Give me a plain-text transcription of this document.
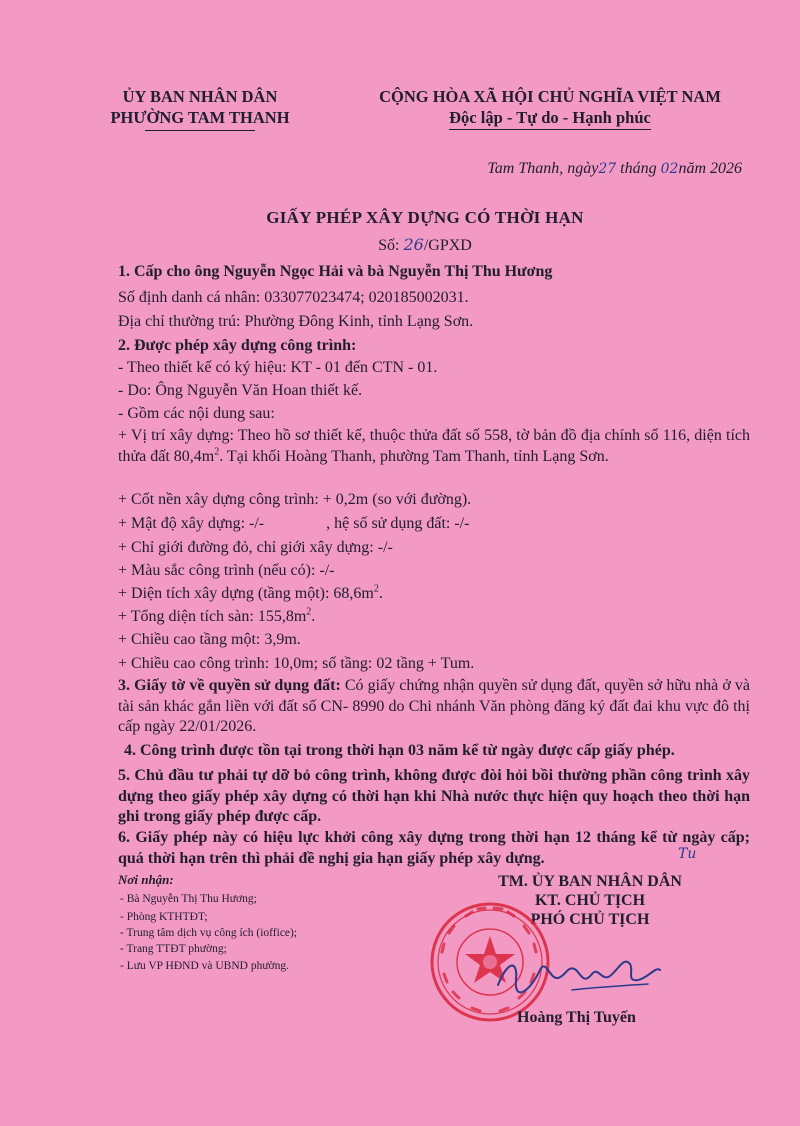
ỦY BAN NHÂN DÂN
PHƯỜNG TAM THANH
CỘNG HÒA XÃ HỘI CHỦ NGHĨA VIỆT NAM
Độc lập - Tự do - Hạnh phúc
Tam Thanh, ngày27 tháng 02năm 2026
GIẤY PHÉP XÂY DỰNG CÓ THỜI HẠN
Số: 26/GPXD
1. Cấp cho ông Nguyễn Ngọc Hải và bà Nguyễn Thị Thu Hương
Số định danh cá nhân: 033077023474; 020185002031.
Địa chỉ thường trú: Phường Đông Kinh, tỉnh Lạng Sơn.
2. Được phép xây dựng công trình:
- Theo thiết kế có ký hiệu: KT - 01 đến CTN - 01.
- Do: Ông Nguyễn Văn Hoan thiết kế.
- Gồm các nội dung sau:
+ Vị trí xây dựng: Theo hồ sơ thiết kế, thuộc thửa đất số 558, tờ bản đồ địa chính số 116, diện tích thửa đất $80,4m^2$. Tại khối Hoàng Thanh, phường Tam Thanh, tỉnh Lạng Sơn.
+ Cốt nền xây dựng công trình: + 0,2m (so với đường).
+ Mật độ xây dựng: -/-	, hệ số sử dụng đất: -/-
+ Chỉ giới đường đỏ, chỉ giới xây dựng: -/-
+ Màu sắc công trình (nếu có): -/-
+ Diện tích xây dựng (tầng một): $68,6m^2$.
+ Tổng diện tích sàn: $155,8m^2$.
+ Chiều cao tầng một: 3,9m.
+ Chiều cao công trình: 10,0m; số tầng: 02 tầng + Tum.
3. Giấy tờ về quyền sử dụng đất: Có giấy chứng nhận quyền sử dụng đất, quyền sở hữu nhà ở và tài sản khác gắn liền với đất số CN- 8990 do Chi nhánh Văn phòng đăng ký đất đai khu vực đô thị cấp ngày 22/01/2026.
4. Công trình được tồn tại trong thời hạn 03 năm kể từ ngày được cấp giấy phép.
5. Chủ đầu tư phải tự dỡ bỏ công trình, không được đòi hỏi bồi thường phần công trình xây dựng theo giấy phép xây dựng có thời hạn khi Nhà nước thực hiện quy hoạch theo thời hạn ghi trong giấy phép được cấp.
6. Giấy phép này có hiệu lực khởi công xây dựng trong thời hạn 12 tháng kể từ ngày cấp; quá thời hạn trên thì phải đề nghị gia hạn giấy phép xây dựng.	Tu
Nơi nhận:
- Bà Nguyễn Thị Thu Hương;
- Phòng KTHTĐT;
- Trung tâm dịch vụ công ích (ioffice);
- Trang TTĐT phường;
- Lưu VP HĐND và UBND phường.
TM. ỦY BAN NHÂN DÂN
KT. CHỦ TỊCH
PHÓ CHỦ TỊCH
Hoàng Thị Tuyến
